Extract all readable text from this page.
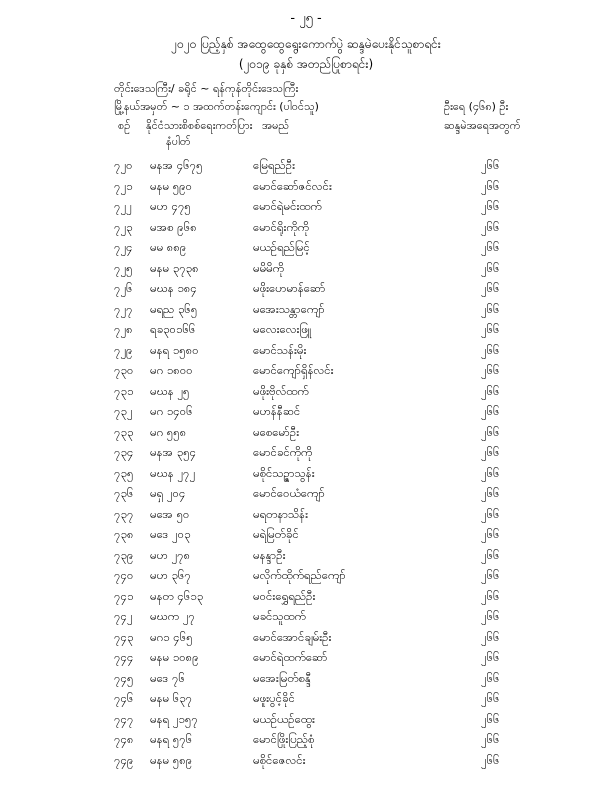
- ၂၅ -
၂၀၂၀ ပြည့်နှစ် အထွေထွေရွေးကောက်ပွဲ ဆန္ဒမဲပေးနိုင်သူစာရင်း
(၂၀၁၉ ခုနှစ် အတည်ပြုစာရင်း)
တိုင်းဒေသကြီး/ ခရိုင် ~ ရန်ကုန်တိုင်းဒေသကြီး
မြို့နယ်အမှတ် ~ ၁ အထက်တန်းကျောင်း (ပါဝင်သူ)	ဦးရေ (၄၆၈) ဦး
စဉ် နိုင်ငံသားစိစစ်ရေးကတ်ပြား
နံပါတ်
အမည်	ဆန္ဒမဲအရေအတွက်
၇၂၀ မနအ ၄၆၇၅	မြေရည်ဦး	၂၆၆
၇၂၁ မနမ ၅၉၀	မောင်ဆော်ဇင်လင်း	၂၆၆
၇၂၂ မဟ ၄၇၅	မောင်ရဲမင်းထက်	၂၆၆
၇၂၃ မအစ ၉၆၈	မောင်ရိုးကိုကို	၂၆၆
၇၂၄ မမ ၈၈၉	မယဉ်ရည်မြင့်	၂၆၆
၇၂၅ မနမ ၃၇၃၈	မမိမိကို	၂၆၆
၇၂၆ မဃန ၁၈၄	မဖိုးဟေမာန်ဆော်	၂၆၆
၇၂၇ မရည ၃၆၅	မအေးသန္တာကျော်	၂၆၆
၇၂၈ ရခ၃၀၁၆၆	မလေးလေးဖြူ	၂၆၆
၇၂၉ မနရ ၁၅၈၀	မောင်သန်းမိုး	၂၆၆
၇၃၀ မဂ ၁၈၀၀	မောင်ကျော်ရှိန်လင်း	၂၆၆
၇၃၁ မဃန ၂၅	မဖိုးဗိုလ်ထက်	၂၆၆
၇၃၂ မဂ ၁၄၀၆	မဟန်နီဆင်	၂၆၆
၇၃၃ မဂ ၅၅၈	မစေမော်ဦး	၂၆၆
၇၃၄ မနအ ၃၅၄	မောင်ခင်ကိုကို	၂၆၆
၇၃၅ မဃန ၂၇၂	မစိုင်သဉ္ဇာသွန်း	၂၆၆
၇၃၆ မရှ ၂၀၄	မောင်ဝေယံကျော်	၂၆၆
၇၃၇ မအေ ၅၀	မရတနာသိန်း	၂၆၆
၇၃၈ မဒေ ၂၀၃	မရဲမြတ်ခိုင်	၂၆၆
၇၃၉ မဟ ၂၇၈	မနန္ဒာဦး	၂၆၆
၇၄၀ မဟ ၃၆၇	မလိုက်ထိုက်ရည်ကျော်	၂၆၆
၇၄၁ မနတ ၄၆၁၃	မဝင်းရွှေရည်ဦး	၂၆၆
၇၄၂ မဃက ၂၇	မခင်သူထက်	၂၆၆
၇၄၃ မဂ၁ ၄၆၅	မောင်အောင်ချမ်းဦး	၂၆၆
၇၄၄ မနမ ၁၀၈၉	မောင်ရဲထက်ဆော်	၂၆၆
၇၄၅ မဒေ ၇၆	မအေးမြတ်စန္ဒီ	၂၆၆
၇၄၆ မနမ ၆၃၇	မဖူးပွင့်ခိုင်	၂၆၆
၇၄၇ မနရ ၂၁၅၇	မယဉ်ယဉ်ထွေး	၂၆၆
၇၄၈ မနရ ၅၇၆	မောင်ဖြိုးပြည့်စုံ	၂၆၆
၇၄၉ မနမ ၅၈၉	မစိုင်ဇေလင်း	၂၆၆
